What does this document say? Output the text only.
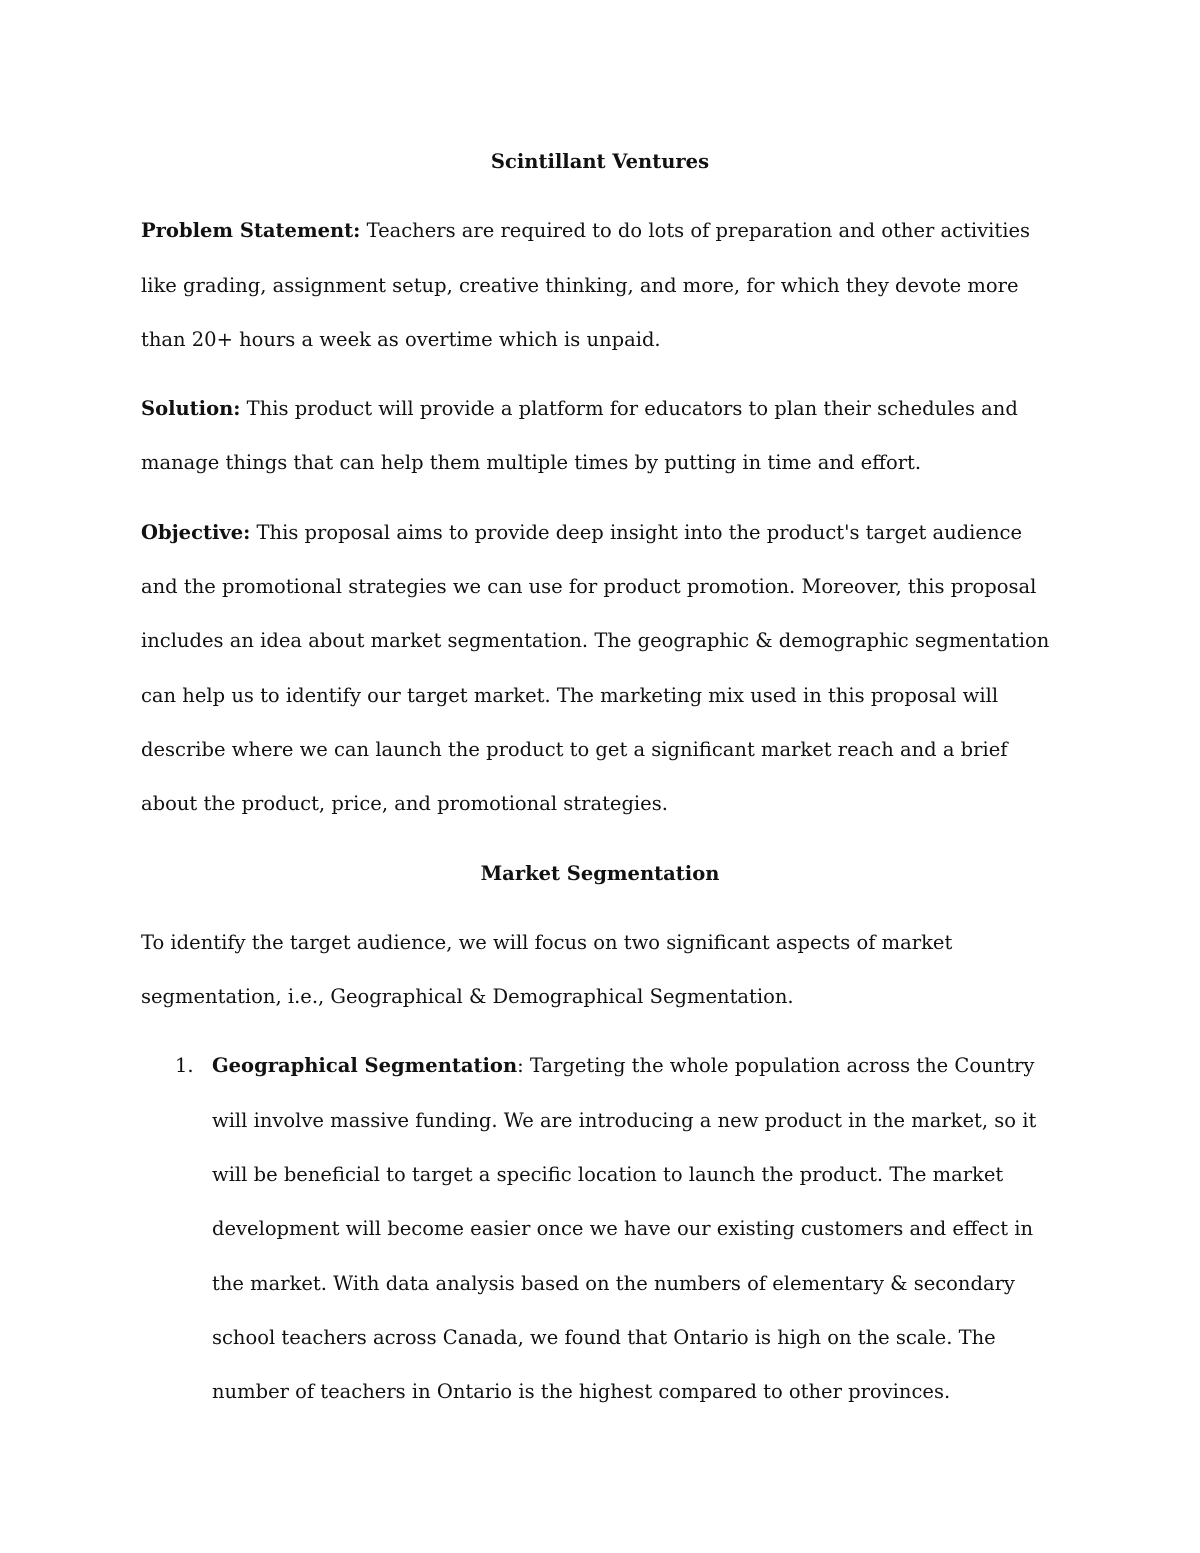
Scintillant Ventures

Problem Statement: Teachers are required to do lots of preparation and other activities like grading, assignment setup, creative thinking, and more, for which they devote more than 20+ hours a week as overtime which is unpaid.

Solution: This product will provide a platform for educators to plan their schedules and manage things that can help them multiple times by putting in time and effort.

Objective: This proposal aims to provide deep insight into the product's target audience and the promotional strategies we can use for product promotion. Moreover, this proposal includes an idea about market segmentation. The geographic & demographic segmentation can help us to identify our target market. The marketing mix used in this proposal will describe where we can launch the product to get a significant market reach and a brief about the product, price, and promotional strategies.

Market Segmentation

To identify the target audience, we will focus on two significant aspects of market segmentation, i.e., Geographical & Demographical Segmentation.

1. Geographical Segmentation: Targeting the whole population across the Country will involve massive funding. We are introducing a new product in the market, so it will be beneficial to target a specific location to launch the product. The market development will become easier once we have our existing customers and effect in the market. With data analysis based on the numbers of elementary & secondary school teachers across Canada, we found that Ontario is high on the scale. The number of teachers in Ontario is the highest compared to other provinces.
